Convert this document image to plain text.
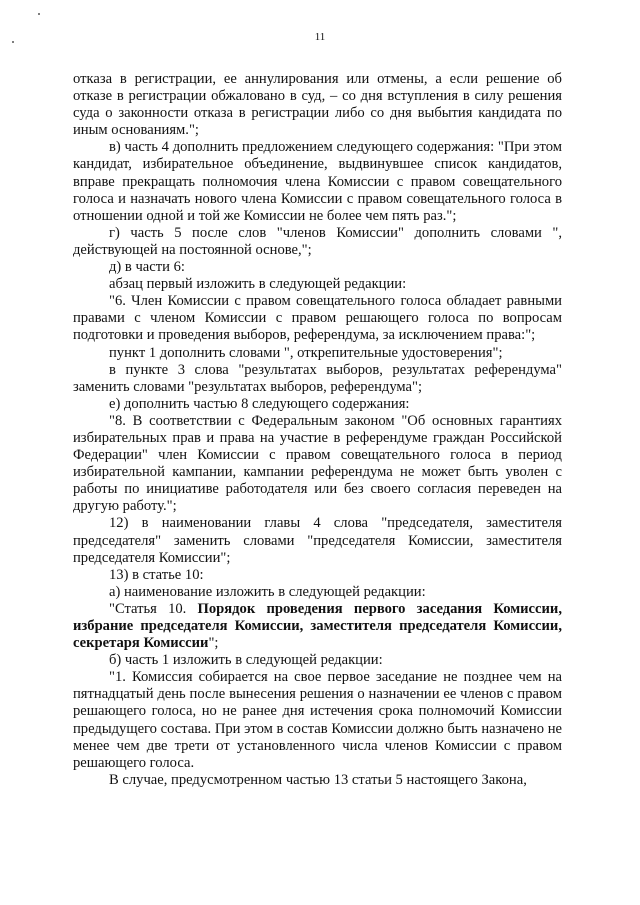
11

отказа в регистрации, ее аннулирования или отмены, а если решение об отказе в регистрации обжаловано в суд, – со дня вступления в силу решения суда о законности отказа в регистрации либо со дня выбытия кандидата по иным основаниям.";

в) часть 4 дополнить предложением следующего содержания: "При этом кандидат, избирательное объединение, выдвинувшее список кандидатов, вправе прекращать полномочия члена Комиссии с правом совещательного голоса и назначать нового члена Комиссии с правом совещательного голоса в отношении одной и той же Комиссии не более чем пять раз.";

г) часть 5 после слов "членов Комиссии" дополнить словами ", действующей на постоянной основе,";

д) в части 6:

абзац первый изложить в следующей редакции:

"6. Член Комиссии с правом совещательного голоса обладает равными правами с членом Комиссии с правом решающего голоса по вопросам подготовки и проведения выборов, референдума, за исключением права:";

пункт 1 дополнить словами ", открепительные удостоверения";

в пункте 3 слова "результатах выборов, результатах референдума" заменить словами "результатах выборов, референдума";

е) дополнить частью 8 следующего содержания:

"8. В соответствии с Федеральным законом "Об основных гарантиях избирательных прав и права на участие в референдуме граждан Российской Федерации" член Комиссии с правом совещательного голоса в период избирательной кампании, кампании референдума не может быть уволен с работы по инициативе работодателя или без своего согласия переведен на другую работу.";

12) в наименовании главы 4 слова "председателя, заместителя председателя" заменить словами "председателя Комиссии, заместителя председателя Комиссии";

13) в статье 10:

а) наименование изложить в следующей редакции:

"Статья 10. Порядок проведения первого заседания Комиссии, избрание председателя Комиссии, заместителя председателя Комиссии, секретаря Комиссии";

б) часть 1 изложить в следующей редакции:

"1. Комиссия собирается на свое первое заседание не позднее чем на пятнадцатый день после вынесения решения о назначении ее членов с правом решающего голоса, но не ранее дня истечения срока полномочий Комиссии предыдущего состава. При этом в состав Комиссии должно быть назначено не менее чем две трети от установленного числа членов Комиссии с правом решающего голоса.

В случае, предусмотренном частью 13 статьи 5 настоящего Закона,
